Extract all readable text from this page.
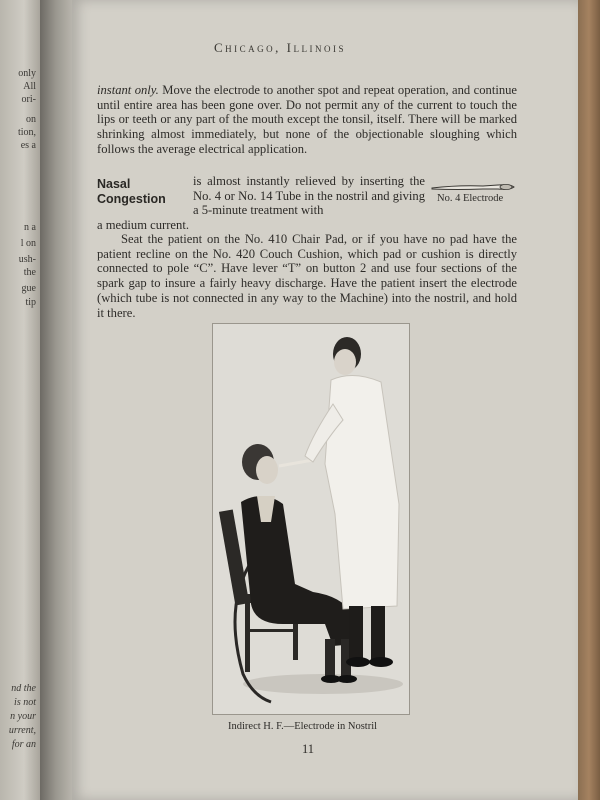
only
All
ori-
on
tion,
es a
n a
l on
ush-
the
gue
tip
nd the
is not
n your
urrent,
for an
Chicago, Illinois
instant only. Move the electrode to another spot and repeat operation, and continue until entire area has been gone over. Do not permit any of the current to touch the lips or teeth or any part of the mouth except the tonsil, itself. There will be marked shrinking almost immediately, but none of the objectionable sloughing which follows the average electrical application.
Nasal
Congestion
is almost instantly relieved by inserting the No. 4 or No. 14 Tube in the nostril and giving a 5-minute treatment with
a medium current.
No. 4 Electrode
Seat the patient on the No. 410 Chair Pad, or if you have no pad have the patient recline on the No. 420 Couch Cushion, which pad or cushion is directly connected to pole “C”. Have lever “T” on button 2 and use four sections of the spark gap to insure a fairly heavy discharge. Have the patient insert the electrode (which tube is not connected in any way to the Machine) into the nostril, and hold it there.
Indirect H. F.—Electrode in Nostril
11
